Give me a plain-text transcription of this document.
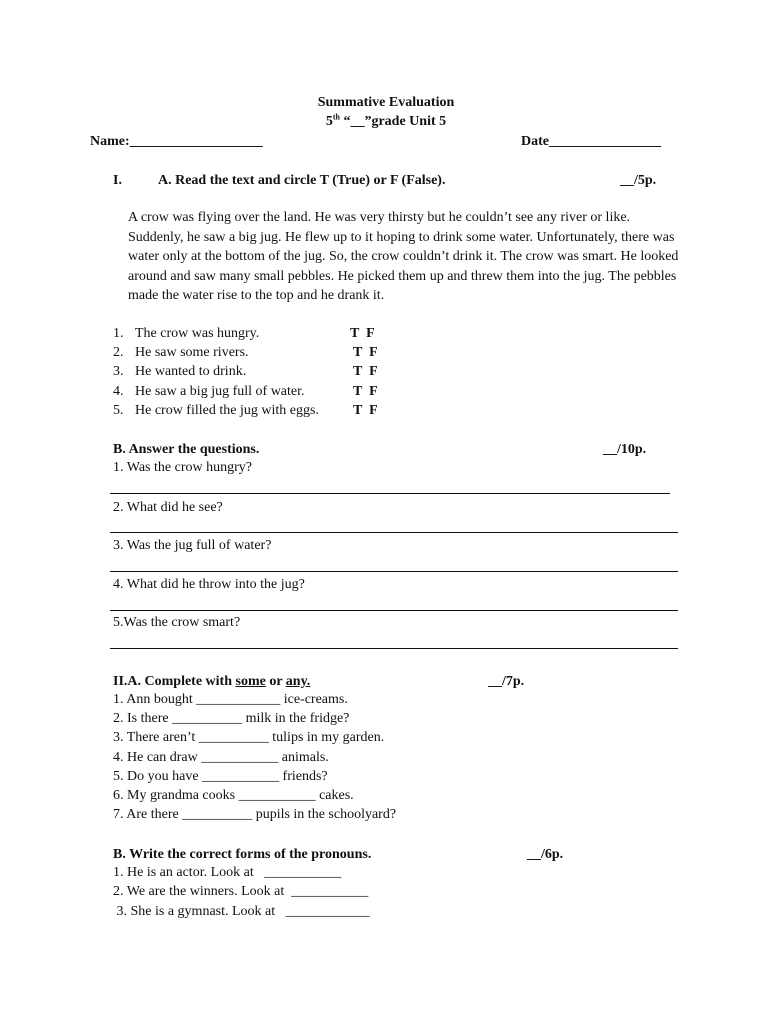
Summative Evaluation
5th “__”grade Unit 5
Name:___________________	Date________________
I.	A. Read the text and circle T (True) or F (False).	__/5p.
A crow was flying over the land. He was very thirsty but he couldn’t see any river or like. Suddenly, he saw a big jug. He flew up to it hoping to drink some water. Unfortunately, there was water only at the bottom of the jug. So, the crow couldn’t drink it. The crow was smart. He looked around and saw many small pebbles. He picked them up and threw them into the jug. The pebbles made the water rise to the top and he drank it.
1. The crow was hungry.	T  F
2. He saw some rivers.	T  F
3. He wanted to drink.	T  F
4. He saw a big jug full of water.	T  F
5. He crow filled the jug with eggs. T  F
B. Answer the questions.	__/10p.
1. Was the crow hungry?
2. What did he see?
3. Was the jug full of water?
4. What did he throw into the jug?
5.Was the crow smart?
II.A. Complete with some or any.	__/7p.
1. Ann bought ____________ ice-creams.
2. Is there __________ milk in the fridge?
3. There aren’t __________ tulips in my garden.
4. He can draw ___________ animals.
5. Do you have ___________ friends?
6. My grandma cooks ___________ cakes.
7. Are there __________ pupils in the schoolyard?
B. Write the correct forms of the pronouns.	__/6p.
1. He is an actor. Look at   ___________
2. We are the winners. Look at  ___________
3. She is a gymnast. Look at   ____________
